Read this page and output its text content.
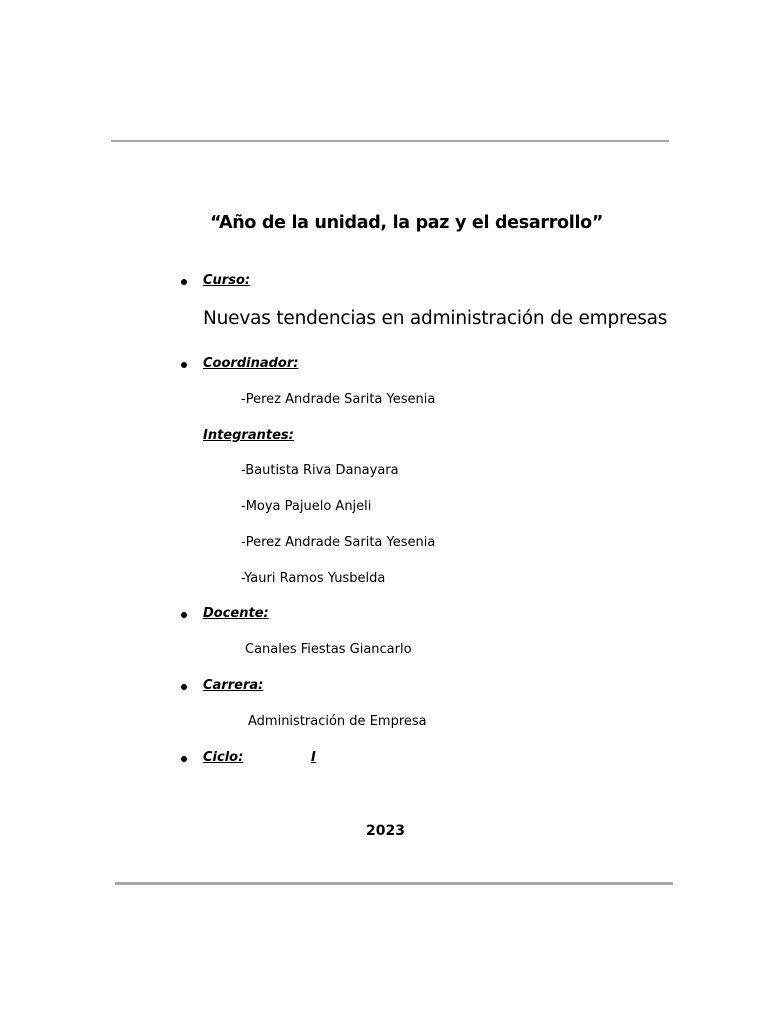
“Año de la unidad, la paz y el desarrollo”
Curso:
Nuevas tendencias en administración de empresas
Coordinador:
-Perez Andrade Sarita Yesenia
Integrantes:
-Bautista Riva Danayara
-Moya Pajuelo Anjeli
-Perez Andrade Sarita Yesenia
-Yauri Ramos Yusbelda
Docente:
Canales Fiestas Giancarlo
Carrera:
Administración de Empresa
Ciclo:	I
2023
